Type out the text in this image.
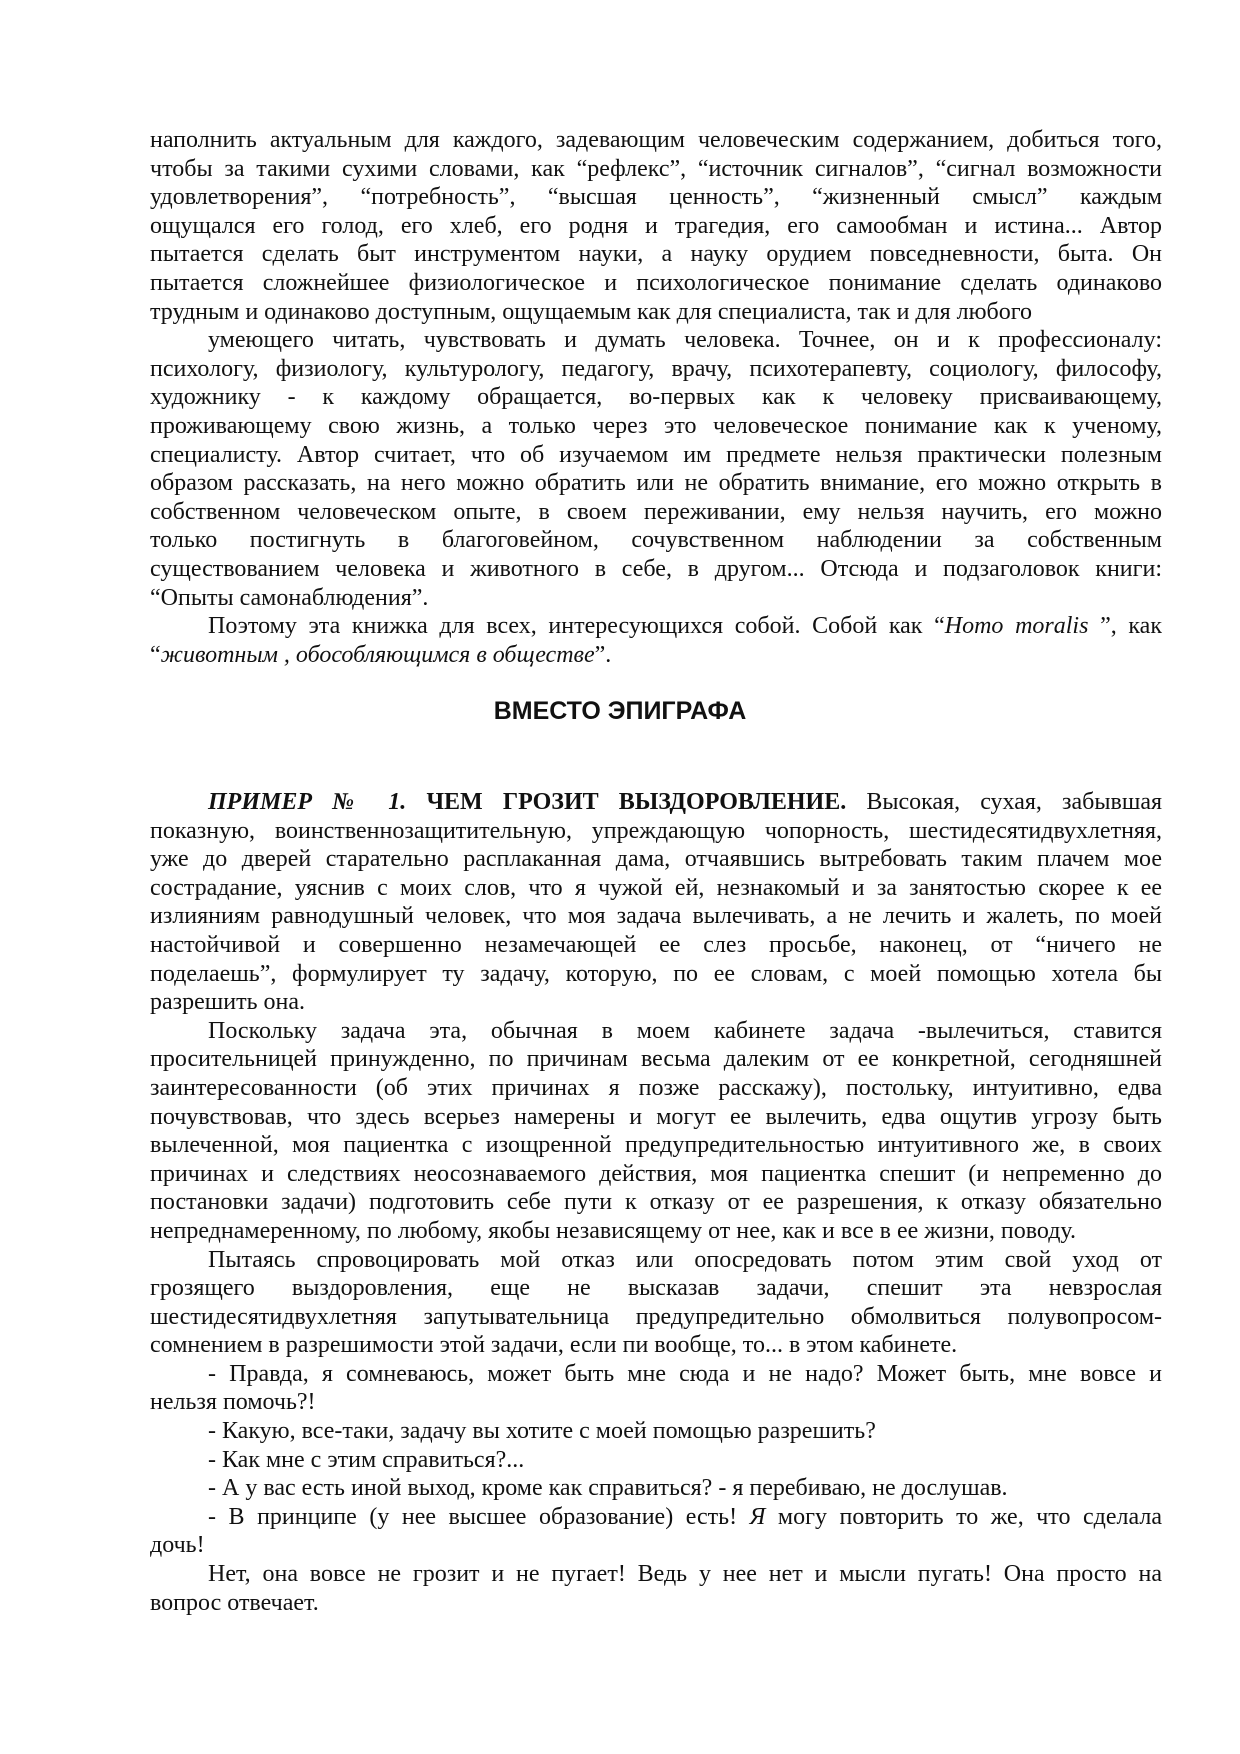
наполнить актуальным для каждого, задевающим человеческим содержанием, добиться того,
чтобы за такими сухими словами, как “рефлекс”, “источник сигналов”, “сигнал возможности
удовлетворения”, “потребность”, “высшая ценность”, “жизненный смысл” каждым
ощущался его голод, его хлеб, его родня и трагедия, его самообман и истина... Автор
пытается сделать быт инструментом науки, а науку орудием повседневности, быта. Он
пытается сложнейшее физиологическое и психологическое понимание сделать одинаково
трудным и одинаково доступным, ощущаемым как для специалиста, так и для любого
умеющего читать, чувствовать и думать человека. Точнее, он и к профессионалу:
психологу, физиологу, культурологу, педагогу, врачу, психотерапевту, социологу, философу,
художнику - к каждому обращается, во-первых как к человеку присваивающему,
проживающему свою жизнь, а только через это человеческое понимание как к ученому,
специалисту. Автор считает, что об изучаемом им предмете нельзя практически полезным
образом рассказать, на него можно обратить или не обратить внимание, его можно открыть в
собственном человеческом опыте, в своем переживании, ему нельзя научить, его можно
только постигнуть в благоговейном, сочувственном наблюдении за собственным
существованием человека и животного в себе, в другом... Отсюда и подзаголовок книги:
“Опыты самонаблюдения”.
Поэтому эта книжка для всех, интересующихся собой. Собой как “Homo moralis ”, как
“животным , обособляющимся в обществе”.
ВМЕСТО ЭПИГРАФА
ПРИМЕР № 1. ЧЕМ ГРОЗИТ ВЫЗДОРОВЛЕНИЕ. Высокая, сухая, забывшая
показную, воинственнозащитительную, упреждающую чопорность, шестидесятидвухлетняя,
уже до дверей старательно расплаканная дама, отчаявшись вытребовать таким плачем мое
сострадание, уяснив с моих слов, что я чужой ей, незнакомый и за занятостью скорее к ее
излияниям равнодушный человек, что моя задача вылечивать, а не лечить и жалеть, по моей
настойчивой и совершенно незамечающей ее слез просьбе, наконец, от “ничего не
поделаешь”, формулирует ту задачу, которую, по ее словам, с моей помощью хотела бы
разрешить она.
Поскольку задача эта, обычная в моем кабинете задача -вылечиться, ставится
просительницей принужденно, по причинам весьма далеким от ее конкретной, сегодняшней
заинтересованности (об этих причинах я позже расскажу), постольку, интуитивно, едва
почувствовав, что здесь всерьез намерены и могут ее вылечить, едва ощутив угрозу быть
вылеченной, моя пациентка с изощренной предупредительностью интуитивного же, в своих
причинах и следствиях неосознаваемого действия, моя пациентка спешит (и непременно до
постановки задачи) подготовить себе пути к отказу от ее разрешения, к отказу обязательно
непреднамеренному, по любому, якобы независящему от нее, как и все в ее жизни, поводу.
Пытаясь спровоцировать мой отказ или опосредовать потом этим свой уход от
грозящего выздоровления, еще не высказав задачи, спешит эта невзрослая
шестидесятидвухлетняя запутывательница предупредительно обмолвиться полувопросом-
сомнением в разрешимости этой задачи, если пи вообще, то... в этом кабинете.
- Правда, я сомневаюсь, может быть мне сюда и не надо? Может быть, мне вовсе и
нельзя помочь?!
- Какую, все-таки, задачу вы хотите с моей помощью разрешить?
- Как мне с этим справиться?...
- А у вас есть иной выход, кроме как справиться? - я перебиваю, не дослушав.
- В принципе (у нее высшее образование) есть! Я могу повторить то же, что сделала
дочь!
Нет, она вовсе не грозит и не пугает! Ведь у нее нет и мысли пугать! Она просто на
вопрос отвечает.
